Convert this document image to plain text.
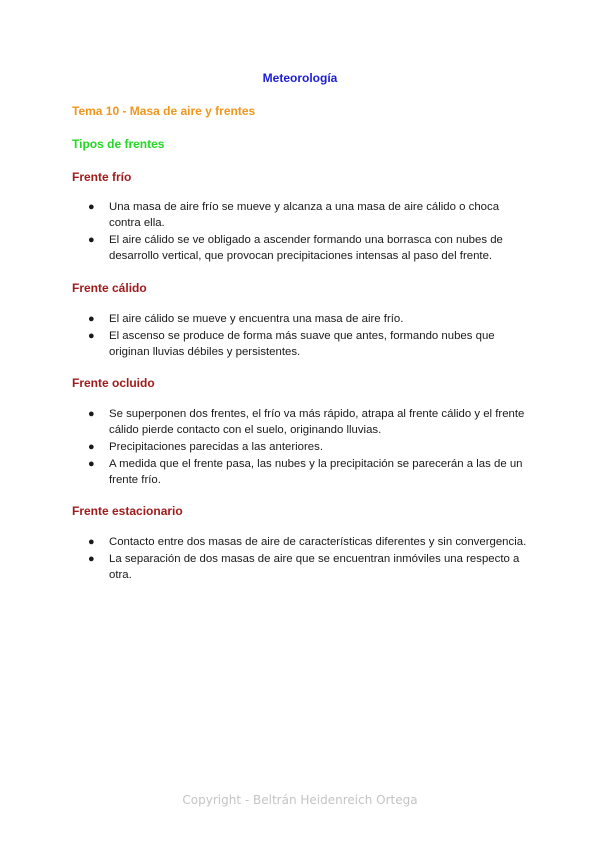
Meteorología
Tema 10 - Masa de aire y frentes
Tipos de frentes
Frente frío
● Una masa de aire frío se mueve y alcanza a una masa de aire cálido o choca contra ella.
● El aire cálido se ve obligado a ascender formando una borrasca con nubes de desarrollo vertical, que provocan precipitaciones intensas al paso del frente.
Frente cálido
● El aire cálido se mueve y encuentra una masa de aire frío.
● El ascenso se produce de forma más suave que antes, formando nubes que originan lluvias débiles y persistentes.
Frente ocluido
● Se superponen dos frentes, el frío va más rápido, atrapa al frente cálido y el frente cálido pierde contacto con el suelo, originando lluvias.
● Precipitaciones parecidas a las anteriores.
● A medida que el frente pasa, las nubes y la precipitación se parecerán a las de un frente frío.
Frente estacionario
● Contacto entre dos masas de aire de características diferentes y sin convergencia.
● La separación de dos masas de aire que se encuentran inmóviles una respecto a otra.
Copyright - Beltrán Heidenreich Ortega
